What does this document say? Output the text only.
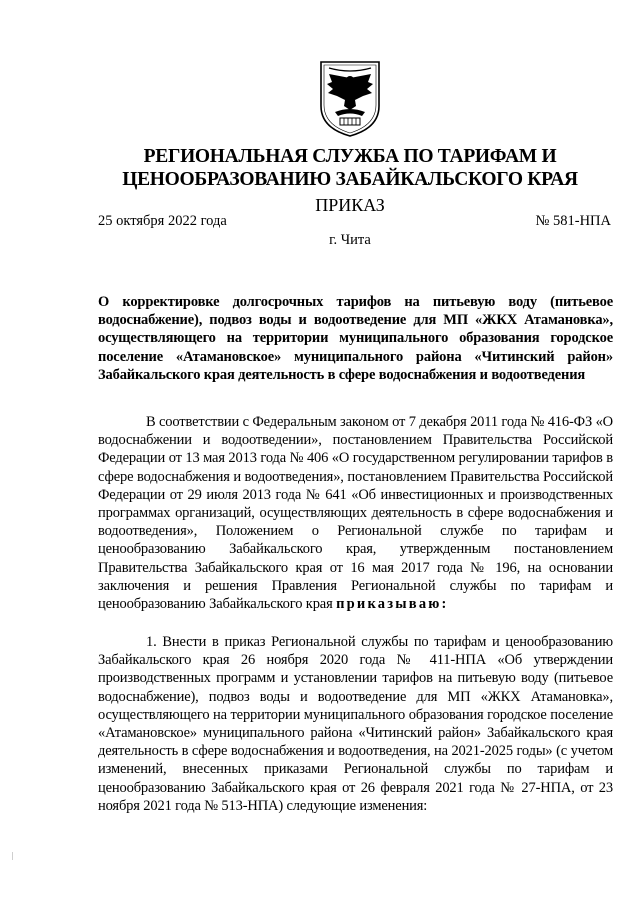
РЕГИОНАЛЬНАЯ СЛУЖБА ПО ТАРИФАМ И
ЦЕНООБРАЗОВАНИЮ ЗАБАЙКАЛЬСКОГО КРАЯ
ПРИКАЗ
25 октября 2022 года	№ 581-НПА
г. Чита
О корректировке долгосрочных тарифов на питьевую воду (питьевое водоснабжение), подвоз воды и водоотведение для МП «ЖКХ Атамановка», осуществляющего на территории муниципального образования городское поселение «Атамановское» муниципального района «Читинский район» Забайкальского края деятельность в сфере водоснабжения и водоотведения
В соответствии с Федеральным законом от 7 декабря 2011 года № 416-ФЗ «О водоснабжении и водоотведении», постановлением Правительства Российской Федерации от 13 мая 2013 года № 406 «О государственном регулировании тарифов в сфере водоснабжения и водоотведения», постановлением Правительства Российской Федерации от 29 июля 2013 года № 641 «Об инвестиционных и производственных программах организаций, осуществляющих деятельность в сфере водоснабжения и водоотведения», Положением о Региональной службе по тарифам и ценообразованию Забайкальского края, утвержденным постановлением Правительства Забайкальского края от 16 мая 2017 года № 196, на основании заключения и решения Правления Региональной службы по тарифам и ценообразованию Забайкальского края приказываю:
1. Внести в приказ Региональной службы по тарифам и ценообразованию Забайкальского края 26 ноября 2020 года № 411-НПА «Об утверждении производственных программ и установлении тарифов на питьевую воду (питьевое водоснабжение), подвоз воды и водоотведение для МП «ЖКХ Атамановка», осуществляющего на территории муниципального образования городское поселение «Атамановское» муниципального района «Читинский район» Забайкальского края деятельность в сфере водоснабжения и водоотведения, на 2021-2025 годы» (с учетом изменений, внесенных приказами Региональной службы по тарифам и ценообразованию Забайкальского края от 26 февраля 2021 года № 27-НПА, от 23 ноября 2021 года № 513-НПА) следующие изменения:
